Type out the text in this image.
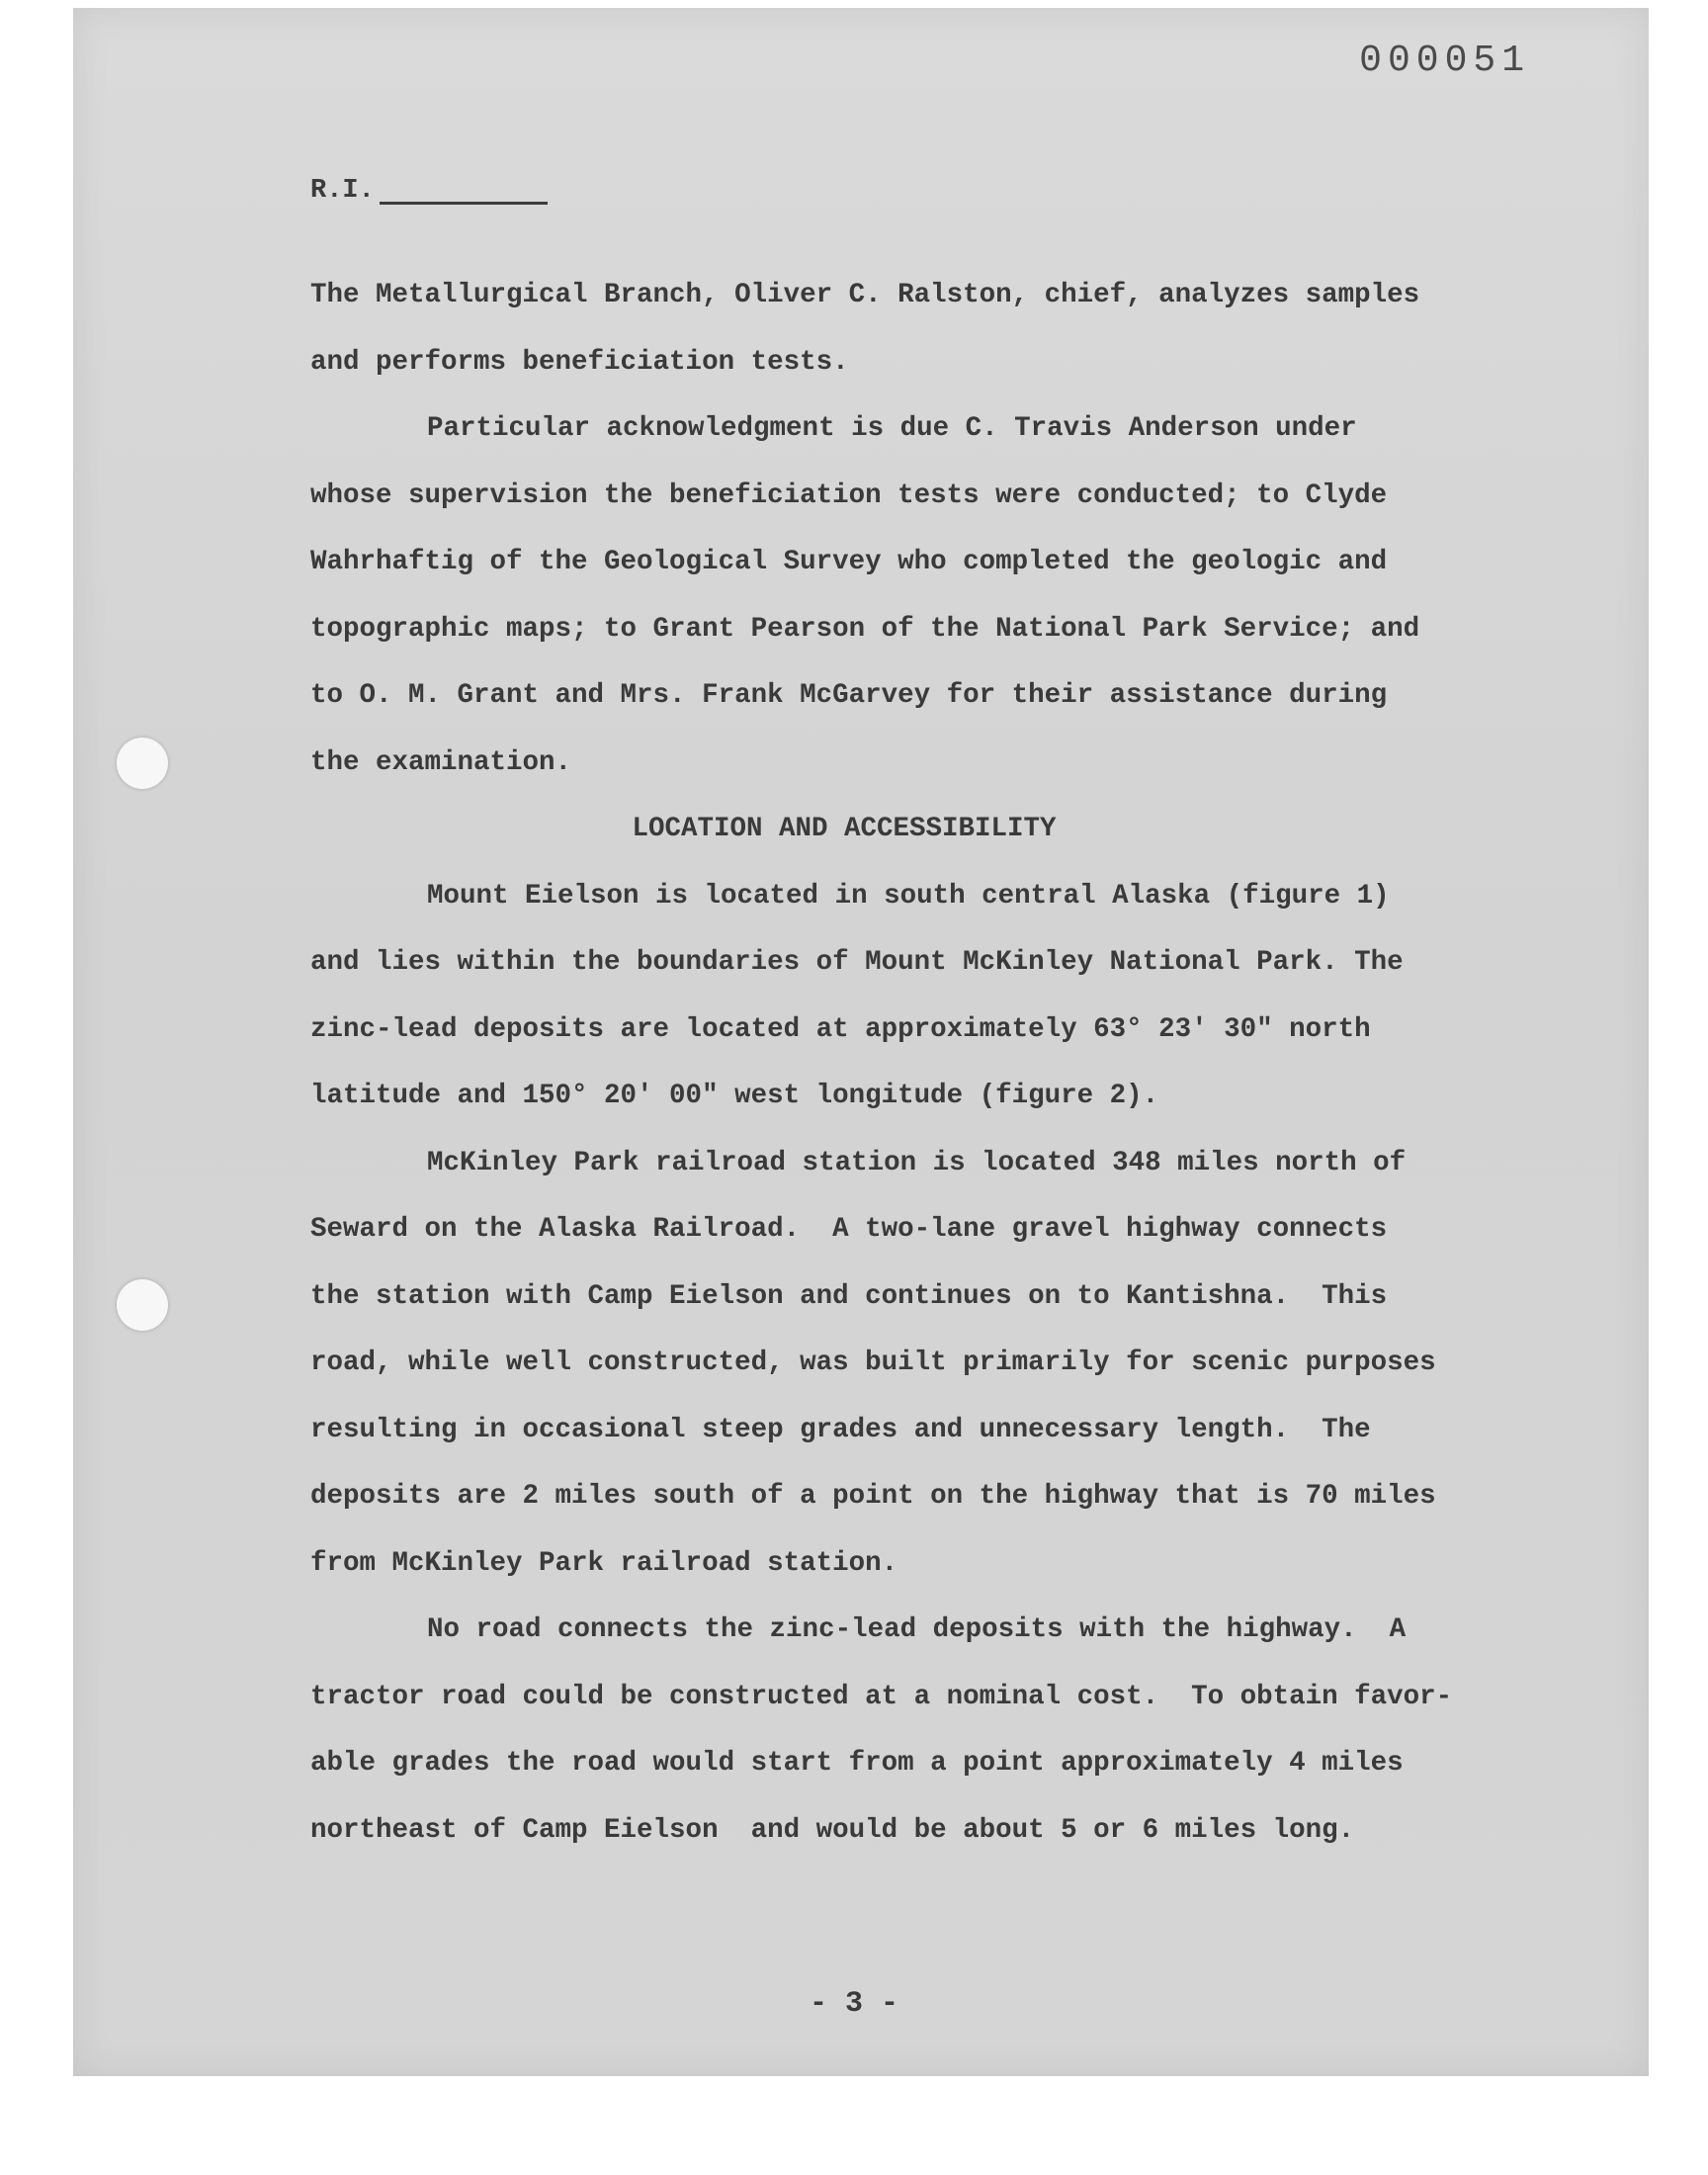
000051
R.I.
The Metallurgical Branch, Oliver C. Ralston, chief, analyzes samples
and performs beneficiation tests.
Particular acknowledgment is due C. Travis Anderson under
whose supervision the beneficiation tests were conducted; to Clyde
Wahrhaftig of the Geological Survey who completed the geologic and
topographic maps; to Grant Pearson of the National Park Service; and
to O. M. Grant and Mrs. Frank McGarvey for their assistance during
the examination.
LOCATION AND ACCESSIBILITY
Mount Eielson is located in south central Alaska (figure 1)
and lies within the boundaries of Mount McKinley National Park. The
zinc-lead deposits are located at approximately 63° 23' 30" north
latitude and 150° 20' 00" west longitude (figure 2).
McKinley Park railroad station is located 348 miles north of
Seward on the Alaska Railroad.  A two-lane gravel highway connects
the station with Camp Eielson and continues on to Kantishna.  This
road, while well constructed, was built primarily for scenic purposes
resulting in occasional steep grades and unnecessary length.  The
deposits are 2 miles south of a point on the highway that is 70 miles
from McKinley Park railroad station.
No road connects the zinc-lead deposits with the highway.  A
tractor road could be constructed at a nominal cost.  To obtain favor-
able grades the road would start from a point approximately 4 miles
northeast of Camp Eielson  and would be about 5 or 6 miles long.
- 3 -
